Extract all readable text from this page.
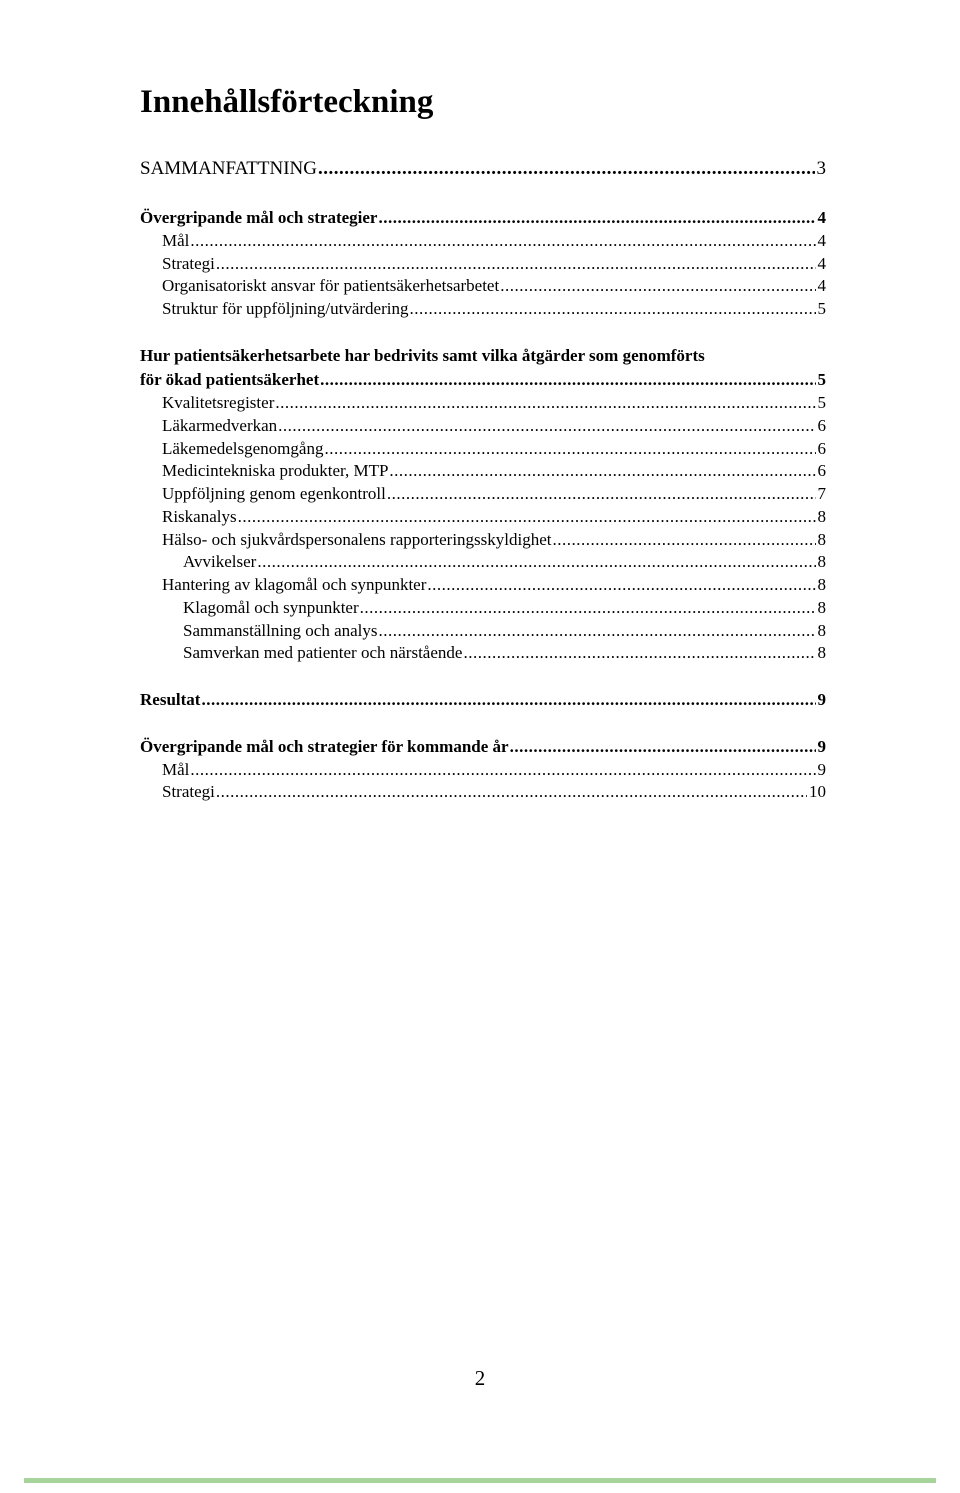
Innehållsförteckning
SAMMANFATTNING .....	3
Övergripande mål och strategier .....	4
Mål .....	4
Strategi .....	4
Organisatoriskt ansvar för patientsäkerhetsarbetet .....	4
Struktur för uppföljning/utvärdering .....	5
Hur patientsäkerhetsarbete har bedrivits samt vilka åtgärder som genomförts
för ökad patientsäkerhet .....	5
Kvalitetsregister .....	5
Läkarmedverkan .....	6
Läkemedelsgenomgång .....	6
Medicintekniska produkter, MTP .....	6
Uppföljning genom egenkontroll .....	7
Riskanalys .....	8
Hälso- och sjukvårdspersonalens rapporteringsskyldighet .....	8
Avvikelser .....	8
Hantering av klagomål och synpunkter .....	8
Klagomål och synpunkter .....	8
Sammanställning och analys .....	8
Samverkan med patienter och närstående .....	8
Resultat .....	9
Övergripande mål och strategier för kommande år .....	9
Mål .....	9
Strategi .....	10
2
